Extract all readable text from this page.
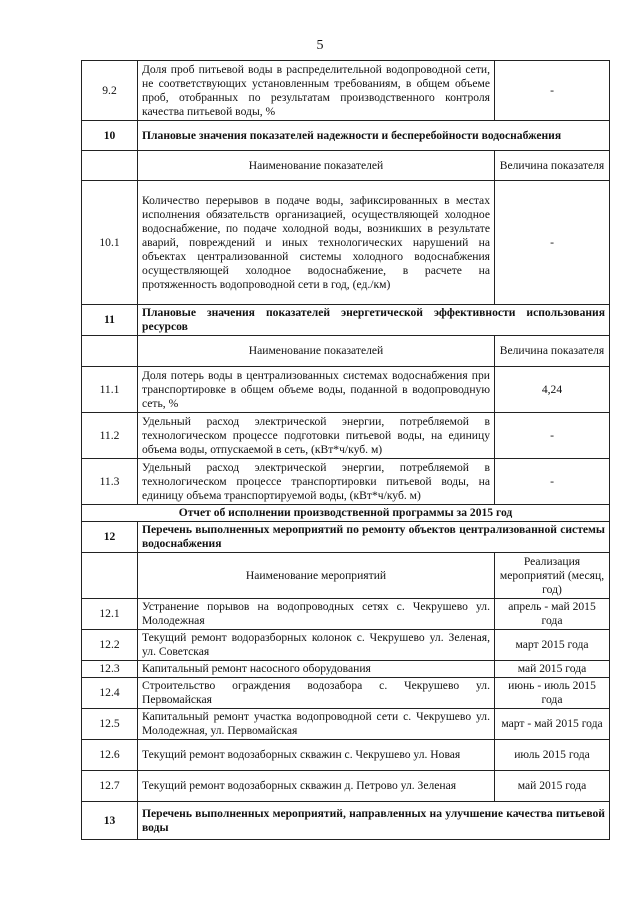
5
9.2	Доля проб питьевой воды в распределительной водопроводной сети, не соответствующих установленным требованиям, в общем объеме проб, отобранных по результатам производственного контроля качества питьевой воды, %	-
10	Плановые значения показателей надежности и бесперебойности водоснабжения	
	Наименование показателей	Величина показателя
10.1	Количество перерывов в подаче воды, зафиксированных в местах исполнения обязательств организацией, осуществляющей холодное водоснабжение, по подаче холодной воды, возникших в результате аварий, повреждений и иных технологических нарушений на объектах централизованной системы холодного водоснабжения осуществляющей холодное водоснабжение, в расчете на протяженность водопроводной сети в год, (ед./км)	-
11	Плановые значения показателей энергетической эффективности использования ресурсов	
	Наименование показателей	Величина показателя
11.1	Доля потерь воды в централизованных системах водоснабжения при транспортировке в общем объеме воды, поданной в водопроводную сеть, %	4,24
11.2	Удельный расход электрической энергии, потребляемой в технологическом процессе подготовки питьевой воды, на единицу объема воды, отпускаемой в сеть, (кВт*ч/куб. м)	-
11.3	Удельный расход электрической энергии, потребляемой в технологическом процессе транспортировки питьевой воды, на единицу объема транспортируемой воды, (кВт*ч/куб. м)	-
Отчет об исполнении производственной программы за 2015 год		
12	Перечень выполненных мероприятий по ремонту объектов централизованной системы водоснабжения	
	Наименование мероприятий	Реализация мероприятий (месяц, год)
12.1	Устранение порывов на водопроводных сетях с. Чекрушево ул. Молодежная	апрель - май 2015 года
12.2	Текущий ремонт водоразборных колонок с. Чекрушево ул. Зеленая, ул. Советская	март 2015 года
12.3	Капитальный ремонт насосного оборудования	май 2015 года
12.4	Строительство ограждения водозабора с. Чекрушево ул. Первомайская	июнь - июль 2015 года
12.5	Капитальный ремонт участка водопроводной сети с. Чекрушево ул. Молодежная, ул. Первомайская	март - май 2015 года
12.6	Текущий ремонт водозаборных скважин с. Чекрушево ул. Новая	июль 2015 года
12.7	Текущий ремонт водозаборных скважин д. Петрово ул. Зеленая	май 2015 года
13	Перечень выполненных мероприятий, направленных на улучшение качества питьевой воды	
